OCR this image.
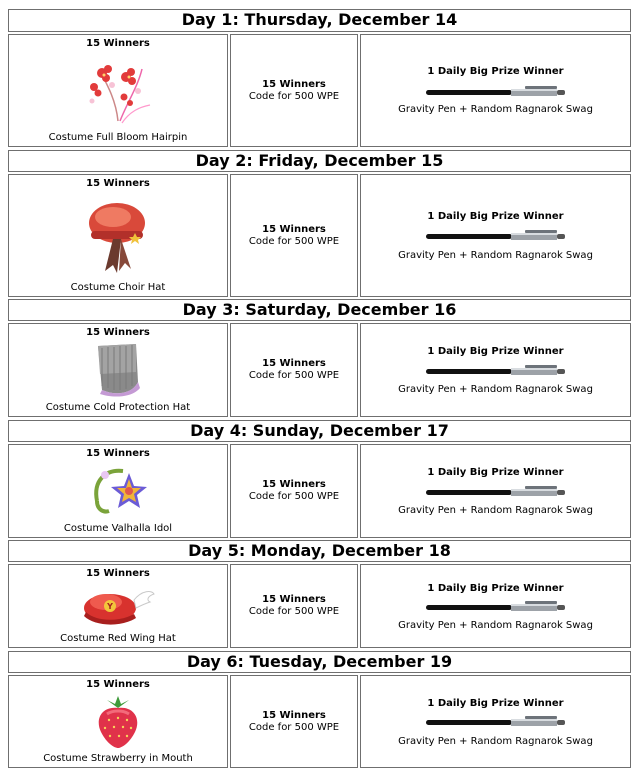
Day 1: Thursday, December 14
15 Winners
Costume Full Bloom Hairpin
15 Winners
Code for 500 WPE
1 Daily Big Prize Winner
Gravity Pen + Random Ragnarok Swag
Day 2: Friday, December 15
15 Winners
Costume Choir Hat
15 Winners
Code for 500 WPE
1 Daily Big Prize Winner
Gravity Pen + Random Ragnarok Swag
Day 3: Saturday, December 16
15 Winners
Costume Cold Protection Hat
15 Winners
Code for 500 WPE
1 Daily Big Prize Winner
Gravity Pen + Random Ragnarok Swag
Day 4: Sunday, December 17
15 Winners
Costume Valhalla Idol
15 Winners
Code for 500 WPE
1 Daily Big Prize Winner
Gravity Pen + Random Ragnarok Swag
Day 5: Monday, December 18
15 Winners
Y
Costume Red Wing Hat
15 Winners
Code for 500 WPE
1 Daily Big Prize Winner
Gravity Pen + Random Ragnarok Swag
Day 6: Tuesday, December 19
15 Winners
Costume Strawberry in Mouth
15 Winners
Code for 500 WPE
1 Daily Big Prize Winner
Gravity Pen + Random Ragnarok Swag
